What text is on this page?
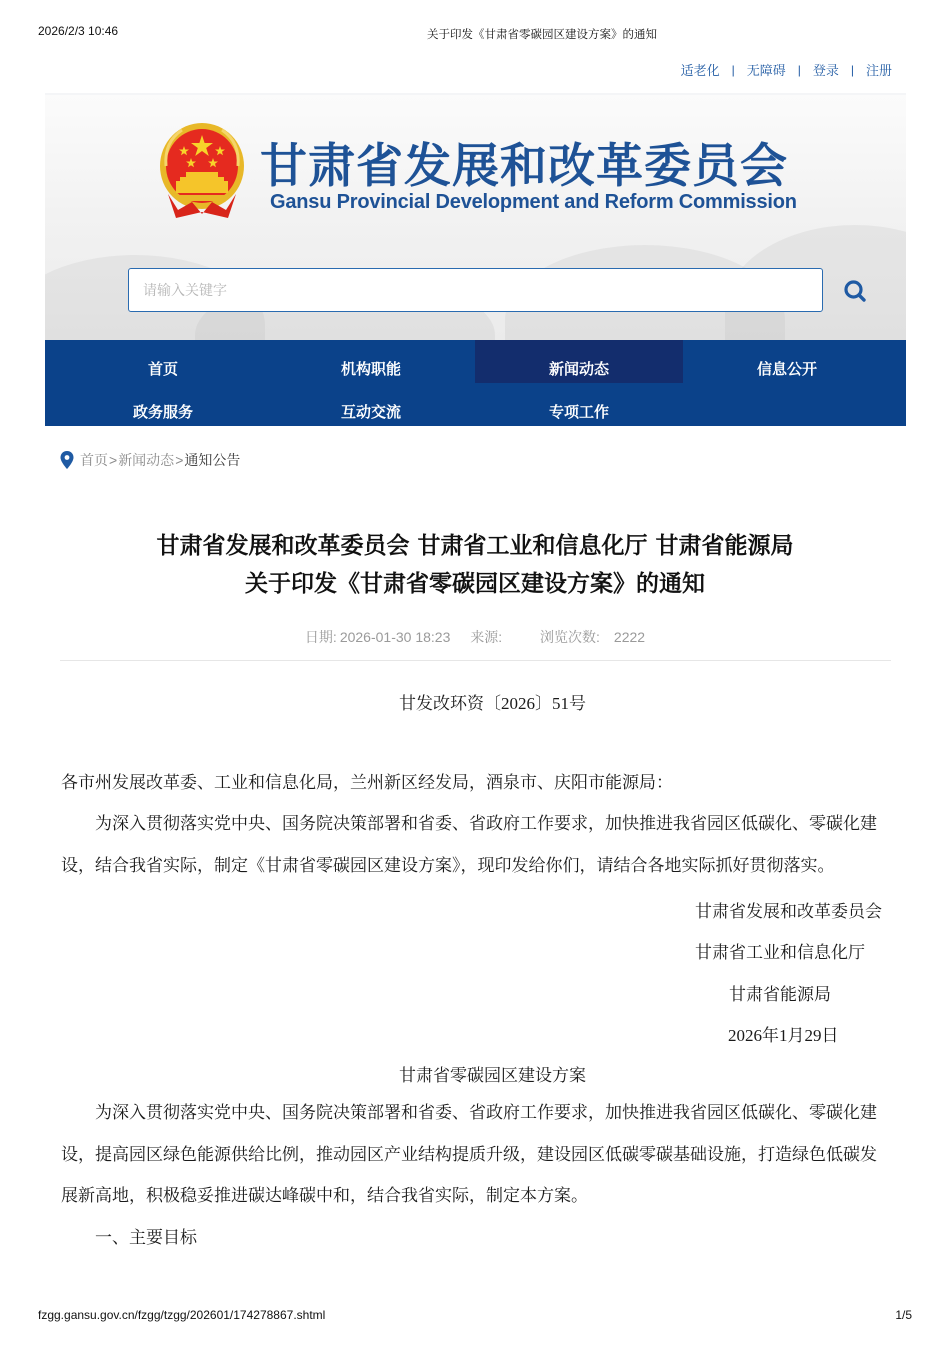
2026/2/3 10:46	关于印发《甘肃省零碳园区建设方案》的通知
适老化 | 无障碍 | 登录 | 注册
甘肃省发展和改革委员会
Gansu Provincial Development and Reform Commission
请输入关键字
首页	机构职能	新闻动态	信息公开
政务服务	互动交流	专项工作
首页 > 新闻动态 > 通知公告
甘肃省发展和改革委员会 甘肃省工业和信息化厅 甘肃省能源局
关于印发《甘肃省零碳园区建设方案》的通知
日期: 2026-01-30 18:23 来源:	浏览次数: 2222
甘发改环资〔2026〕51号
各市州发展改革委、工业和信息化局，兰州新区经发局，酒泉市、庆阳市能源局：
为深入贯彻落实党中央、国务院决策部署和省委、省政府工作要求，加快推进我省园区低碳化、零碳化建设，结合我省实际，制定《甘肃省零碳园区建设方案》，现印发给你们，请结合各地实际抓好贯彻落实。
甘肃省发展和改革委员会
甘肃省工业和信息化厅
甘肃省能源局
2026年1月29日
甘肃省零碳园区建设方案
为深入贯彻落实党中央、国务院决策部署和省委、省政府工作要求，加快推进我省园区低碳化、零碳化建设，提高园区绿色能源供给比例，推动园区产业结构提质升级，建设园区低碳零碳基础设施，打造绿色低碳发展新高地，积极稳妥推进碳达峰碳中和，结合我省实际，制定本方案。
一、主要目标
fzgg.gansu.gov.cn/fzgg/tzgg/202601/174278867.shtml	1/5
